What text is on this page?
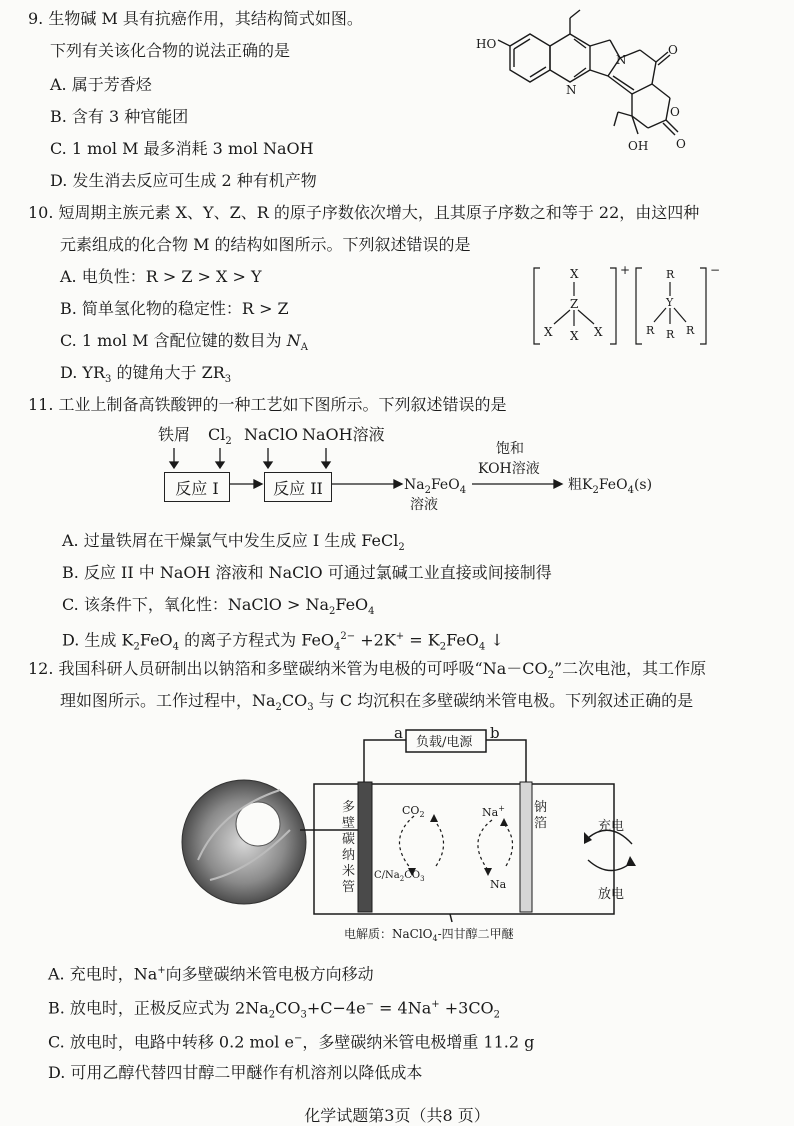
9. 生物碱 M 具有抗癌作用，其结构简式如图。
下列有关该化合物的说法正确的是
A. 属于芳香烃
B. 含有 3 种官能团
C. 1 mol M 最多消耗 3 mol NaOH
D. 发生消去反应可生成 2 种有机产物
HO
N
N
O
O
O
OH
10. 短周期主族元素 X、Y、Z、R 的原子序数依次增大，且其原子序数之和等于 22，由这四种
元素组成的化合物 M 的结构如图所示。下列叙述错误的是
A. 电负性：R > Z > X > Y
B. 简单氢化物的稳定性：R > Z
C. 1 mol M 含配位键的数目为 $N_A$
D. $YR_3$ 的键角大于 $ZR_3$
X
Z
X X X
+	R
Y
R R R
−
11. 工业上制备高铁酸钾的一种工艺如下图所示。下列叙述错误的是
铁屑 $Cl_2$ NaClO NaOH溶液
反应 I	反应 II	$Na_2FeO_4$
溶液
饱和
KOH溶液
粗$K_2FeO_4(s)$
A. 过量铁屑在干燥氯气中发生反应 I 生成 FeCl$_2$
B. 反应 II 中 NaOH 溶液和 NaClO 可通过氯碱工业直接或间接制得
C. 该条件下，氧化性：NaClO > $Na_2FeO_4$
D. 生成 $K_2FeO_4$ 的离子方程式为 $FeO_4^{2-} +2K^+ = K_2FeO_4$ ↓
12. 我国科研人员研制出以钠箔和多壁碳纳米管为电极的可呼吸“$Na-CO_2$”二次电池，其工作原
理如图所示。工作过程中，$Na_2CO_3$ 与 C 均沉积在多壁碳纳米管电极。下列叙述正确的是
a	b
负载/电源
$CO_2$
$C/Na_2CO_3$
Na+
Na
充电
放电
电解质：NaClO$_4$-四甘醇二甲醚
多壁碳纳米管
钠箔
A. 充电时，Na+向多壁碳纳米管电极方向移动
B. 放电时，正极反应式为 $2Na_2CO_3+C-4e^- = 4Na^+ +3CO_2$
C. 放电时，电路中转移 0.2 mol e−，多壁碳纳米管电极增重 11.2 g
D. 可用乙醇代替四甘醇二甲醚作有机溶剂以降低成本
化学试题第3页（共8 页）
